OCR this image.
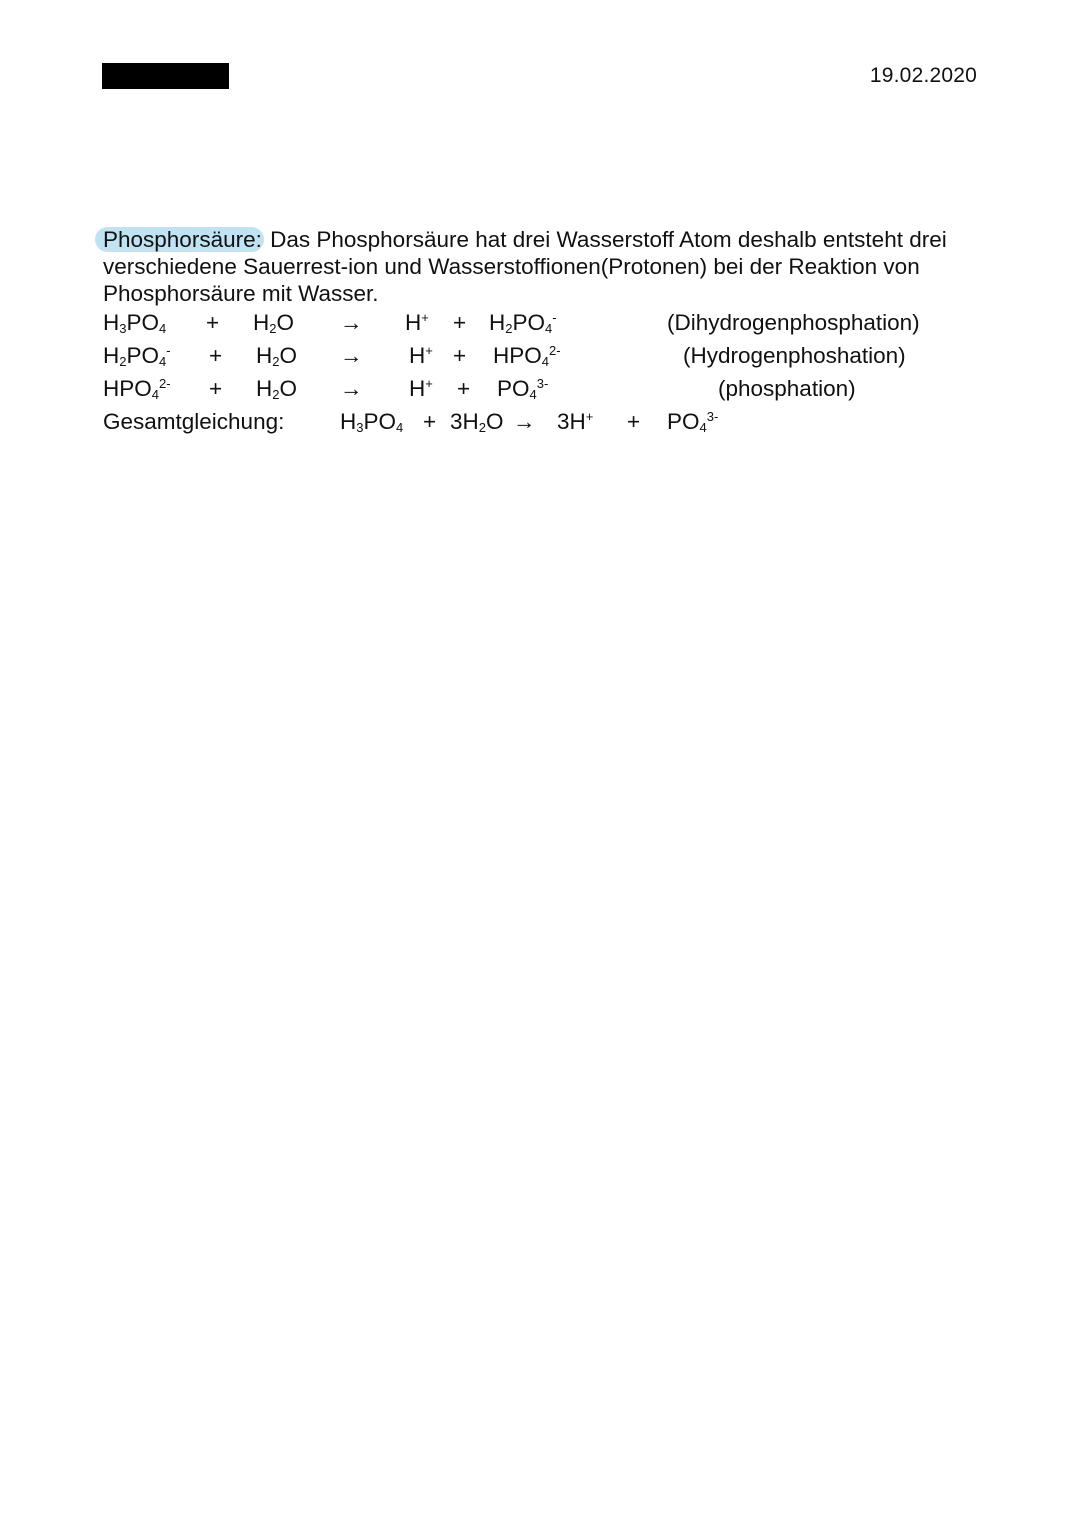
19.02.2020
Phosphorsäure: Das Phosphorsäure hat drei Wasserstoff Atom deshalb entsteht drei verschiedene Sauerrest-ion und Wasserstoffionen(Protonen) bei der Reaktion von Phosphorsäure mit Wasser.
$H_3PO_4 + H_2O \to H^+ + H_2PO_4^-$	(Dihydrogenphosphation)
$H_2PO_4^- + H_2O \to H^+ + HPO_4^{2-}$	(Hydrogenphoshation)
$HPO_4^{2-} + H_2O \to H^+ + PO_4^{3-}$	(phosphation)
Gesamtgleichung: $H_3PO_4 + 3H_2O \to 3H^+ + PO_4^{3-}$
